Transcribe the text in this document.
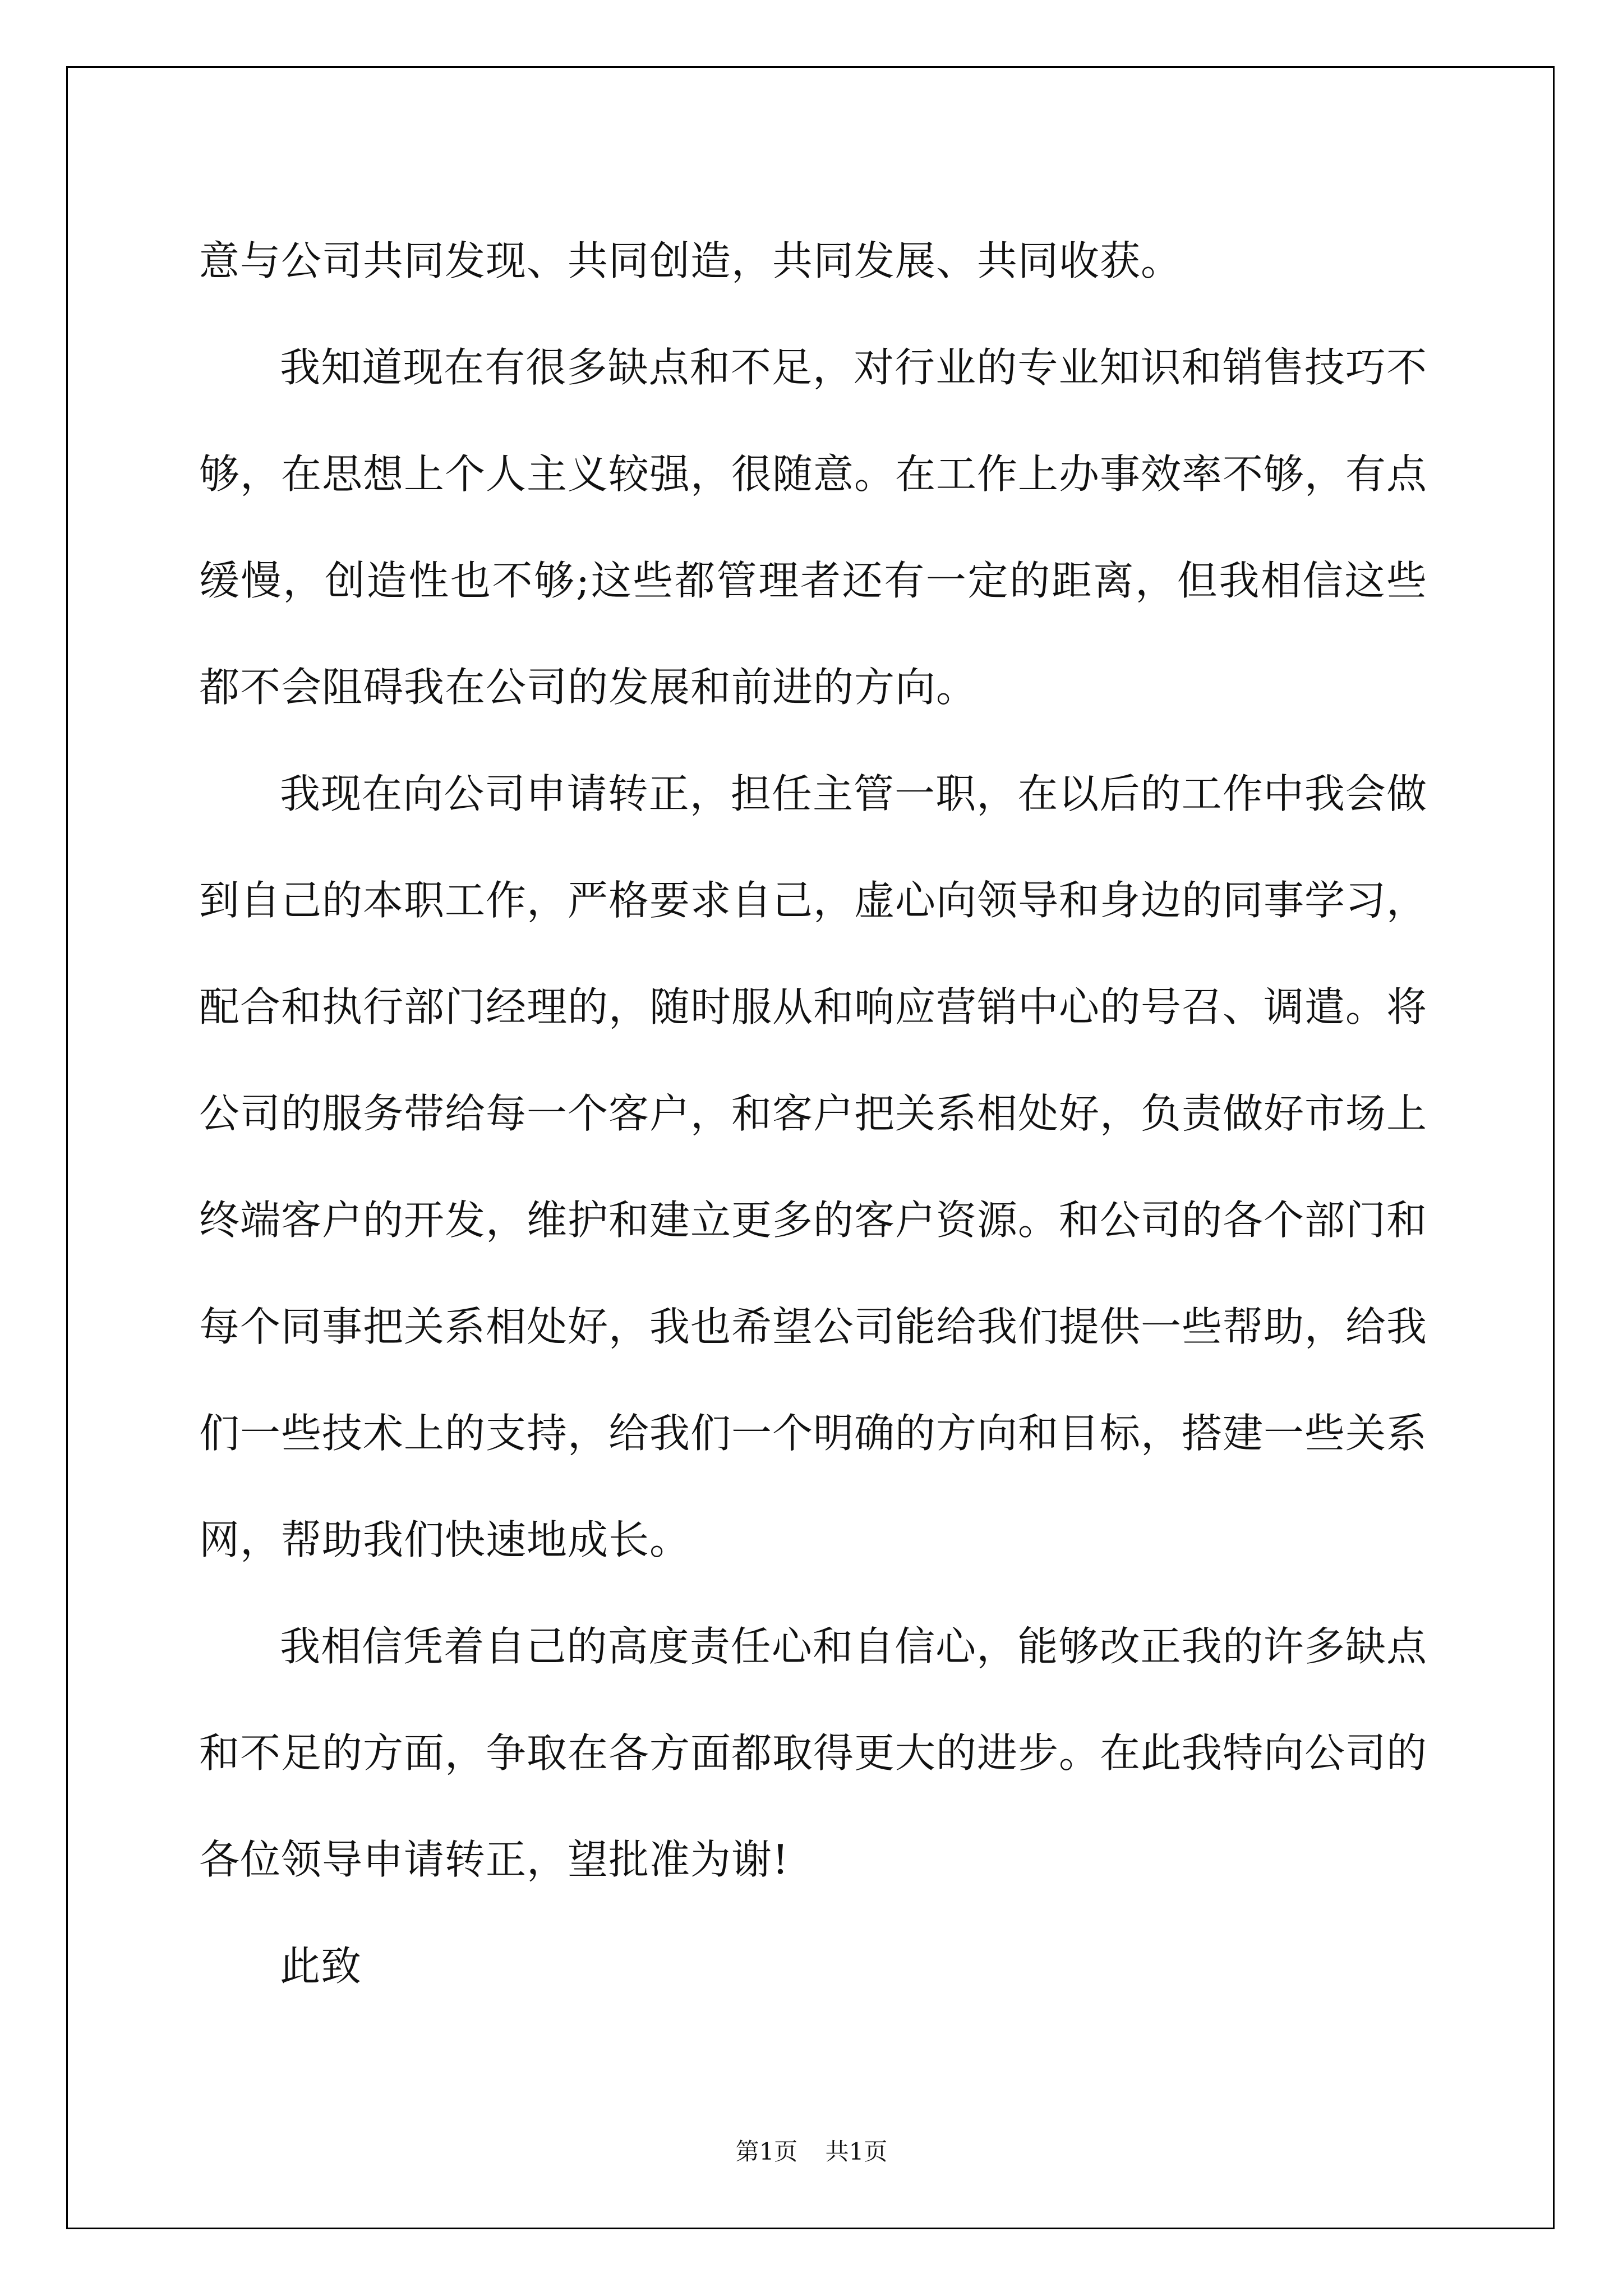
意与公司共同发现、共同创造，共同发展、共同收获。

我知道现在有很多缺点和不足，对行业的专业知识和销售技巧不够，在思想上个人主义较强，很随意。在工作上办事效率不够，有点缓慢，创造性也不够;这些都管理者还有一定的距离，但我相信这些都不会阻碍我在公司的发展和前进的方向。

我现在向公司申请转正，担任主管一职，在以后的工作中我会做到自己的本职工作，严格要求自己，虚心向领导和身边的同事学习，配合和执行部门经理的，随时服从和响应营销中心的号召、调遣。将公司的服务带给每一个客户，和客户把关系相处好，负责做好市场上终端客户的开发，维护和建立更多的客户资源。和公司的各个部门和每个同事把关系相处好，我也希望公司能给我们提供一些帮助，给我们一些技术上的支持，给我们一个明确的方向和目标，搭建一些关系网，帮助我们快速地成长。

我相信凭着自己的高度责任心和自信心，能够改正我的许多缺点和不足的方面，争取在各方面都取得更大的进步。在此我特向公司的各位领导申请转正，望批准为谢!

此致

第1页 共1页
